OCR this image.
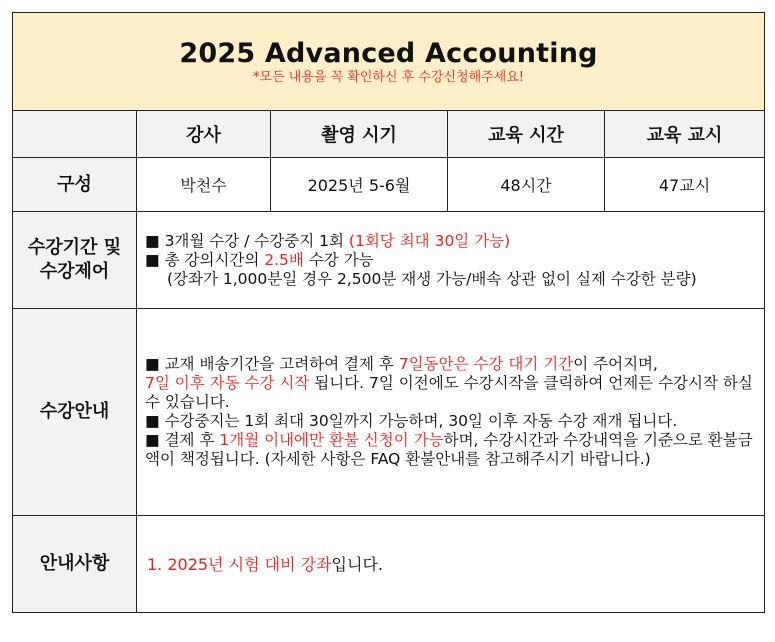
2025 Advanced Accounting
*모든 내용을 꼭 확인하신 후 수강신청해주세요!				

	강사	촬영 시기	교육 시간	교육 교시
구성	박천수	2025년 5-6월	48시간	47교시
수강기간 및 수강제어	■ 3개월 수강 / 수강중지 1회 (1회당 최대 30일 가능)
■ 총 강의시간의 2.5배 수강 가능
(강좌가 1,000분일 경우 2,500분 재생 가능/배속 상관 없이 실제 수강한 분량)			

수강안내	■ 교재 배송기간을 고려하여 결제 후 7일동안은 수강 대기 기간이 주어지며,
7일 이후 자동 수강 시작 됩니다. 7일 이전에도 수강시작을 클릭하여 언제든 수강시작 하실 수 있습니다.
■ 수강중지는 1회 최대 30일까지 가능하며, 30일 이후 자동 수강 재개 됩니다.
■ 결제 후 1개월 이내에만 환불 신청이 가능하며, 수강시간과 수강내역을 기준으로 환불금액이 책정됩니다. (자세한 사항은 FAQ 환불안내를 참고해주시기 바랍니다.)			

안내사항	1. 2025년 시험 대비 강좌입니다.			
